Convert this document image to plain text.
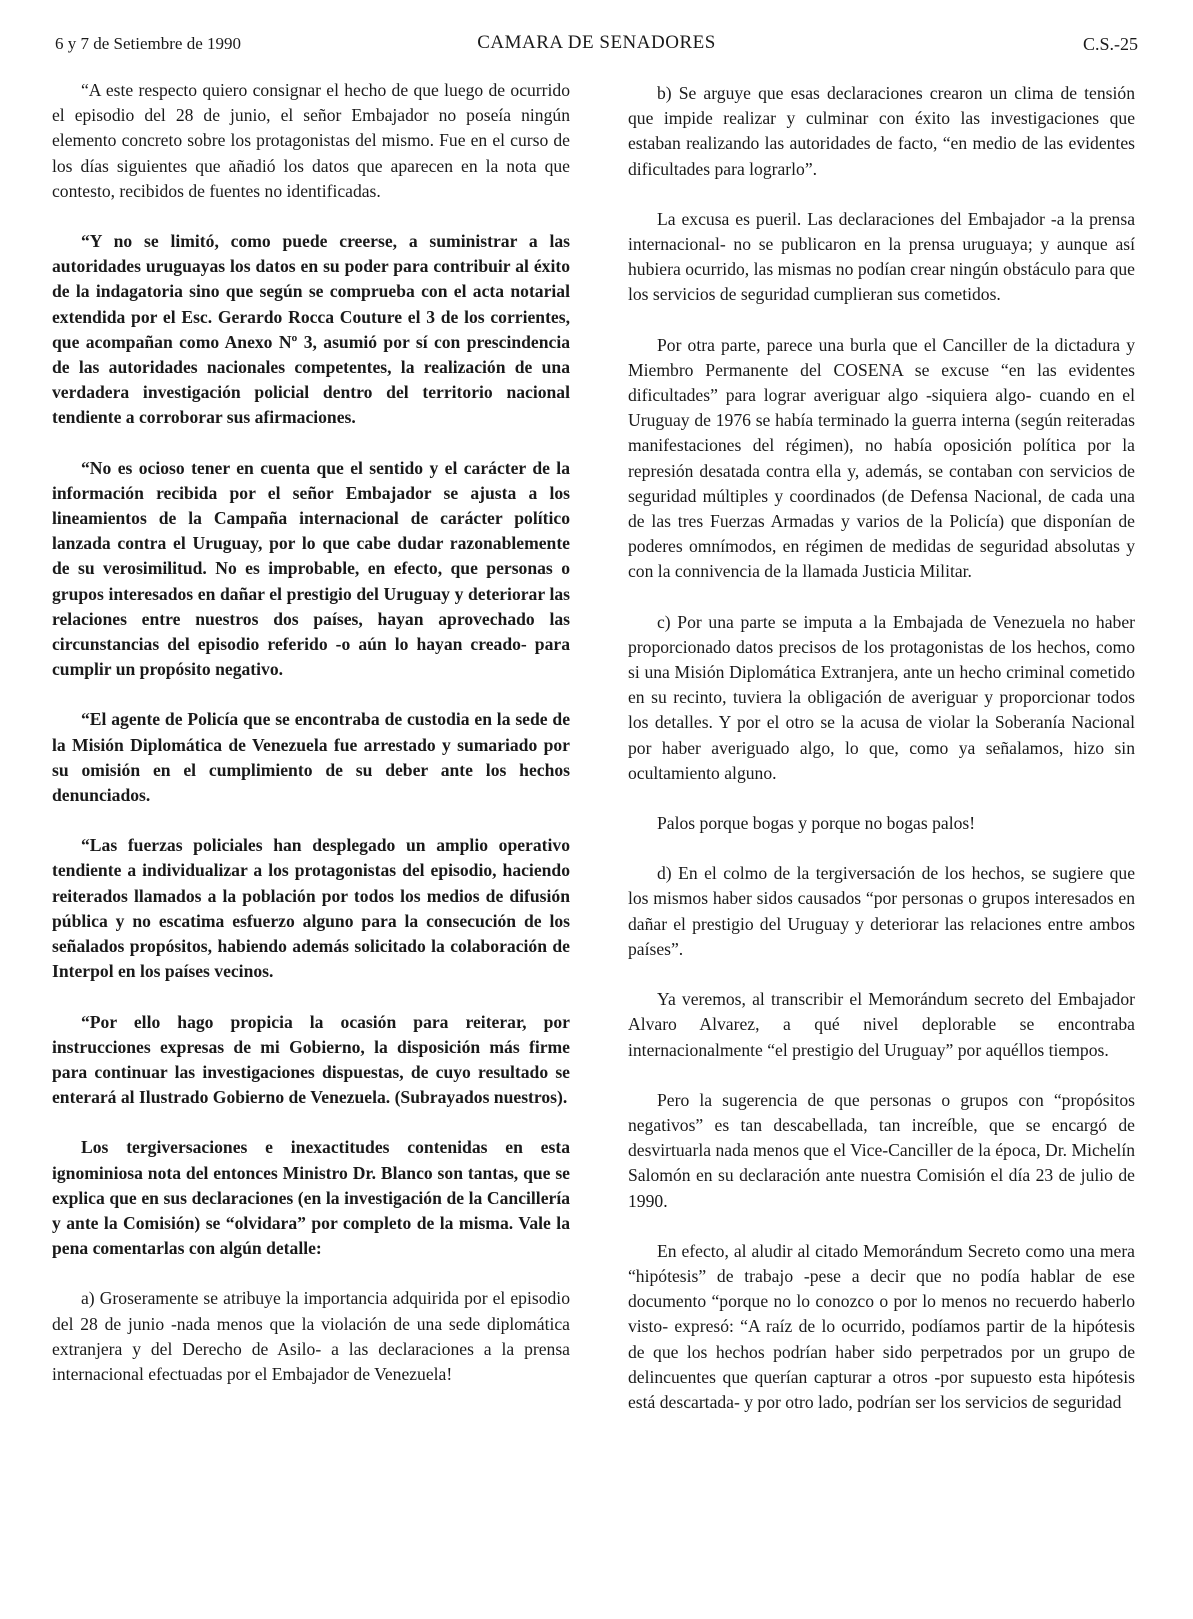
6 y 7 de Setiembre de 1990	CAMARA DE SENADORES	C.S.-25

“A este respecto quiero consignar el hecho de que luego de ocurrido el episodio del 28 de junio, el señor Embajador no poseía ningún elemento concreto sobre los protagonistas del mismo. Fue en el curso de los días siguientes que añadió los datos que aparecen en la nota que contesto, recibidos de fuentes no identificadas.

“Y no se limitó, como puede creerse, a suministrar a las autoridades uruguayas los datos en su poder para contribuir al éxito de la indagatoria sino que según se comprueba con el acta notarial extendida por el Esc. Gerardo Rocca Couture el 3 de los corrientes, que acompañan como Anexo Nº 3, asumió por sí con prescindencia de las autoridades nacionales competentes, la realización de una verdadera investigación policial dentro del territorio nacional tendiente a corroborar sus afirmaciones.

“No es ocioso tener en cuenta que el sentido y el carácter de la información recibida por el señor Embajador se ajusta a los lineamientos de la Campaña internacional de carácter político lanzada contra el Uruguay, por lo que cabe dudar razonablemente de su verosimilitud. No es improbable, en efecto, que personas o grupos interesados en dañar el prestigio del Uruguay y deteriorar las relaciones entre nuestros dos países, hayan aprovechado las circunstancias del episodio referido -o aún lo hayan creado- para cumplir un propósito negativo.

“El agente de Policía que se encontraba de custodia en la sede de la Misión Diplomática de Venezuela fue arrestado y sumariado por su omisión en el cumplimiento de su deber ante los hechos denunciados.

“Las fuerzas policiales han desplegado un amplio operativo tendiente a individualizar a los protagonistas del episodio, haciendo reiterados llamados a la población por todos los medios de difusión pública y no escatima esfuerzo alguno para la consecución de los señalados propósitos, habiendo además solicitado la colaboración de Interpol en los países vecinos.

“Por ello hago propicia la ocasión para reiterar, por instrucciones expresas de mi Gobierno, la disposición más firme para continuar las investigaciones dispuestas, de cuyo resultado se enterará al Ilustrado Gobierno de Venezuela. (Subrayados nuestros).

Los tergiversaciones e inexactitudes contenidas en esta ignominiosa nota del entonces Ministro Dr. Blanco son tantas, que se explica que en sus declaraciones (en la investigación de la Cancillería y ante la Comisión) se “olvidara” por completo de la misma. Vale la pena comentarlas con algún detalle:

a) Groseramente se atribuye la importancia adquirida por el episodio del 28 de junio -nada menos que la violación de una sede diplomática extranjera y del Derecho de Asilo- a las declaraciones a la prensa internacional efectuadas por el Embajador de Venezuela!

b) Se arguye que esas declaraciones crearon un clima de tensión que impide realizar y culminar con éxito las investigaciones que estaban realizando las autoridades de facto, “en medio de las evidentes dificultades para lograrlo”.

La excusa es pueril. Las declaraciones del Embajador -a la prensa internacional- no se publicaron en la prensa uruguaya; y aunque así hubiera ocurrido, las mismas no podían crear ningún obstáculo para que los servicios de seguridad cumplieran sus cometidos.

Por otra parte, parece una burla que el Canciller de la dictadura y Miembro Permanente del COSENA se excuse “en las evidentes dificultades” para lograr averiguar algo -siquiera algo- cuando en el Uruguay de 1976 se había terminado la guerra interna (según reiteradas manifestaciones del régimen), no había oposición política por la represión desatada contra ella y, además, se contaban con servicios de seguridad múltiples y coordinados (de Defensa Nacional, de cada una de las tres Fuerzas Armadas y varios de la Policía) que disponían de poderes omnímodos, en régimen de medidas de seguridad absolutas y con la connivencia de la llamada Justicia Militar.

c) Por una parte se imputa a la Embajada de Venezuela no haber proporcionado datos precisos de los protagonistas de los hechos, como si una Misión Diplomática Extranjera, ante un hecho criminal cometido en su recinto, tuviera la obligación de averiguar y proporcionar todos los detalles. Y por el otro se la acusa de violar la Soberanía Nacional por haber averiguado algo, lo que, como ya señalamos, hizo sin ocultamiento alguno.

Palos porque bogas y porque no bogas palos!

d) En el colmo de la tergiversación de los hechos, se sugiere que los mismos haber sidos causados “por personas o grupos interesados en dañar el prestigio del Uruguay y deteriorar las relaciones entre ambos países”.

Ya veremos, al transcribir el Memorándum secreto del Embajador Alvaro Alvarez, a qué nivel deplorable se encontraba internacionalmente “el prestigio del Uruguay” por aquéllos tiempos.

Pero la sugerencia de que personas o grupos con “propósitos negativos” es tan descabellada, tan increíble, que se encargó de desvirtuarla nada menos que el Vice-Canciller de la época, Dr. Michelín Salomón en su declaración ante nuestra Comisión el día 23 de julio de 1990.

En efecto, al aludir al citado Memorándum Secreto como una mera “hipótesis” de trabajo -pese a decir que no podía hablar de ese documento “porque no lo conozco o por lo menos no recuerdo haberlo visto- expresó: “A raíz de lo ocurrido, podíamos partir de la hipótesis de que los hechos podrían haber sido perpetrados por un grupo de delincuentes que querían capturar a otros -por supuesto esta hipótesis está descartada- y por otro lado, podrían ser los servicios de seguridad
